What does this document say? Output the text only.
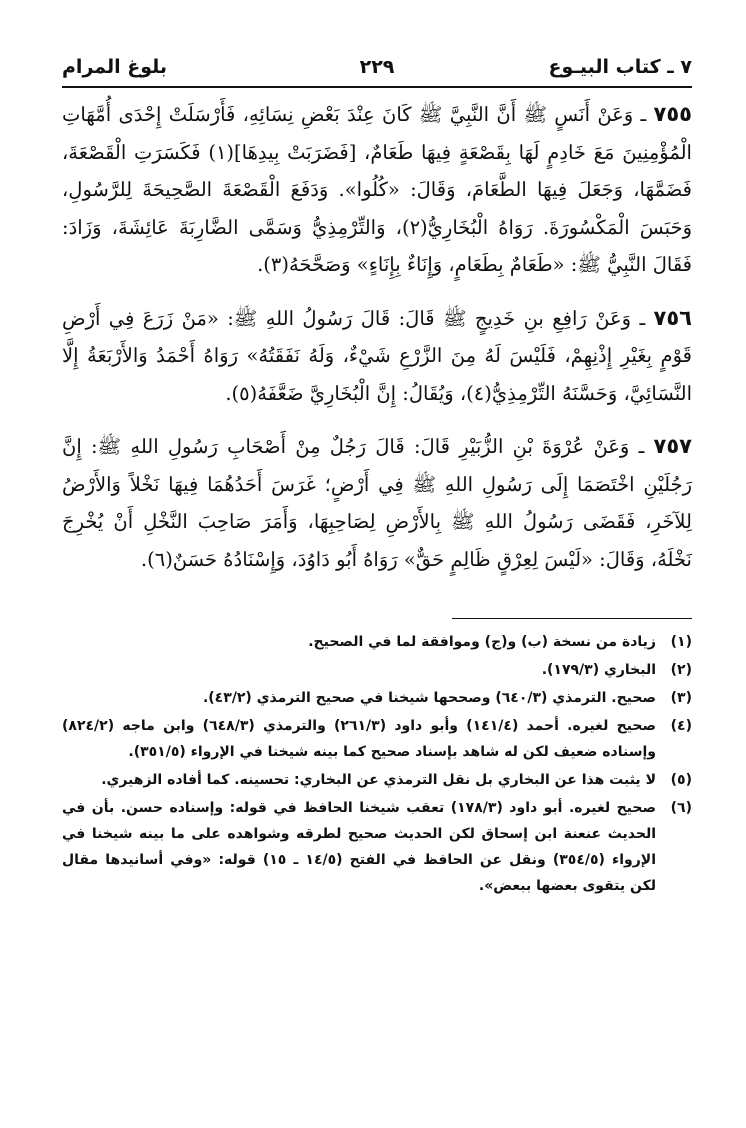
٧ ـ كتاب البيـوع
٢٢٩
بلوغ المرام

٧٥٥ ـ وَعَنْ أَنَسٍ ﷺ أَنَّ النَّبِيَّ ﷺ كَانَ عِنْدَ بَعْضِ نِسَائِهِ، فَأَرْسَلَتْ إِحْدَى أُمَّهَاتِ الْمُؤْمِنِينَ مَعَ خَادِمٍ لَهَا بِقَصْعَةٍ فِيهَا طَعَامٌ، [فَضَرَبَتْ بِيدِهَا](١) فَكَسَرَتِ الْقَصْعَةَ، فَضَمَّهَا، وَجَعَلَ فِيهَا الطَّعَامَ، وَقَالَ: «كُلُوا». وَدَفَعَ الْقَصْعَةَ الصَّحِيحَةَ لِلرَّسُولِ، وَحَبَسَ الْمَكْسُورَةَ. رَوَاهُ الْبُخَارِيُّ(٢)، وَالتِّرْمِذِيُّ وَسَمَّى الضَّارِبَةَ عَائِشَةَ، وَزَادَ: فَقَالَ النَّبِيُّ ﷺ: «طَعَامٌ بِطَعَامٍ، وَإِنَاءٌ بِإِنَاءٍ» وَصَحَّحَهُ(٣).

٧٥٦ ـ وَعَنْ رَافِعِ بنِ خَدِيجٍ ﷺ قَالَ: قَالَ رَسُولُ اللهِ ﷺ: «مَنْ زَرَعَ فِي أَرْضِ قَوْمٍ بِغَيْرِ إِذْنِهِمْ، فَلَيْسَ لَهُ مِنَ الزَّرْعِ شَيْءٌ، وَلَهُ نَفَقَتُهُ» رَوَاهُ أَحْمَدُ وَالأَرْبَعَةُ إِلَّا النَّسَائِيَّ، وَحَسَّنَهُ التِّرْمِذِيُّ(٤)، وَيُقَالُ: إِنَّ الْبُخَارِيَّ ضَعَّفَهُ(٥).

٧٥٧ ـ وَعَنْ عُرْوَةَ بْنِ الزُّبَيْرِ قَالَ: قَالَ رَجُلٌ مِنْ أَصْحَابِ رَسُولِ اللهِ ﷺ: إِنَّ رَجُلَيْنِ اخْتَصَمَا إِلَى رَسُولِ اللهِ ﷺ فِي أَرْضٍ؛ غَرَسَ أَحَدُهُمَا فِيهَا نَخْلاً وَالأَرْضُ لِلآخَرِ، فَقَضَى رَسُولُ اللهِ ﷺ بِالأَرْضِ لِصَاحِبِهَا، وَأَمَرَ صَاحِبَ النَّخْلِ أَنْ يُخْرِجَ نَخْلَهُ، وَقَالَ: «لَيْسَ لِعِرْقٍ ظَالِمٍ حَقٌّ» رَوَاهُ أَبُو دَاوُدَ، وَإِسْنَادُهُ حَسَنٌ(٦).

(١)
زيادة من نسخة (ب) و(ج) وموافقة لما في الصحيح.
(٢)
البخاري (١٧٩/٣).
(٣)
صحيح. الترمذي (٦٤٠/٣) وصححها شيخنا في صحيح الترمذي (٤٣/٢).
(٤)
صحيح لغيره. أحمد (١٤١/٤) وأبو داود (٢٦١/٣) والترمذي (٦٤٨/٣) وابن ماجه (٨٢٤/٢) وإسناده ضعيف لكن له شاهد بإسناد صحيح كما بينه شيخنا في الإرواء (٣٥١/٥).
(٥)
لا يثبت هذا عن البخاري بل نقل الترمذي عن البخاري: تحسينه. كما أفاده الزهيري.
(٦)
صحيح لغيره. أبو داود (١٧٨/٣) تعقب شيخنا الحافظ في قوله: وإسناده حسن. بأن في الحديث عنعنة ابن إسحاق لكن الحديث صحيح لطرقه وشواهده على ما بينه شيخنا في الإرواء (٣٥٤/٥) ونقل عن الحافظ في الفتح (١٤/٥ ـ ١٥) قوله: «وفي أسانيدها مقال لكن يتقوى بعضها ببعض».
